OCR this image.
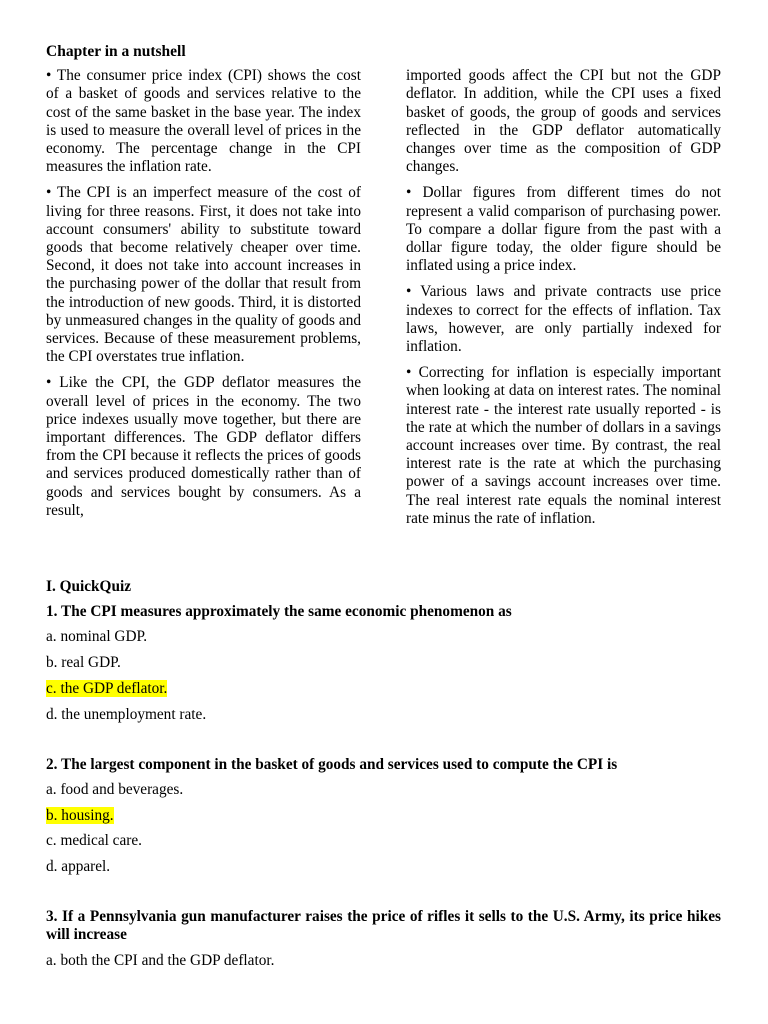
Chapter in a nutshell

• The consumer price index (CPI) shows the cost of a basket of goods and services relative to the cost of the same basket in the base year. The index is used to measure the overall level of prices in the economy. The percentage change in the CPI measures the inflation rate.

• The CPI is an imperfect measure of the cost of living for three reasons. First, it does not take into account consumers' ability to substitute toward goods that become relatively cheaper over time. Second, it does not take into account increases in the purchasing power of the dollar that result from the introduction of new goods. Third, it is distorted by unmeasured changes in the quality of goods and services. Because of these measurement problems, the CPI overstates true inflation.

• Like the CPI, the GDP deflator measures the overall level of prices in the economy. The two price indexes usually move together, but there are important differences. The GDP deflator differs from the CPI because it reflects the prices of goods and services produced domestically rather than of goods and services bought by consumers. As a result,

imported goods affect the CPI but not the GDP deflator. In addition, while the CPI uses a fixed basket of goods, the group of goods and services reflected in the GDP deflator automatically changes over time as the composition of GDP changes.

• Dollar figures from different times do not represent a valid comparison of purchasing power. To compare a dollar figure from the past with a dollar figure today, the older figure should be inflated using a price index.

• Various laws and private contracts use price indexes to correct for the effects of inflation. Tax laws, however, are only partially indexed for inflation.

• Correcting for inflation is especially important when looking at data on interest rates. The nominal interest rate - the interest rate usually reported - is the rate at which the number of dollars in a savings account increases over time. By contrast, the real interest rate is the rate at which the purchasing power of a savings account increases over time. The real interest rate equals the nominal interest rate minus the rate of inflation.

I. QuickQuiz
1. The CPI measures approximately the same economic phenomenon as
a. nominal GDP.
b. real GDP.
c. the GDP deflator.
d. the unemployment rate.
2. The largest component in the basket of goods and services used to compute the CPI is
a. food and beverages.
b. housing.
c. medical care.
d. apparel.
3. If a Pennsylvania gun manufacturer raises the price of rifles it sells to the U.S. Army, its price hikes will increase
a. both the CPI and the GDP deflator.
